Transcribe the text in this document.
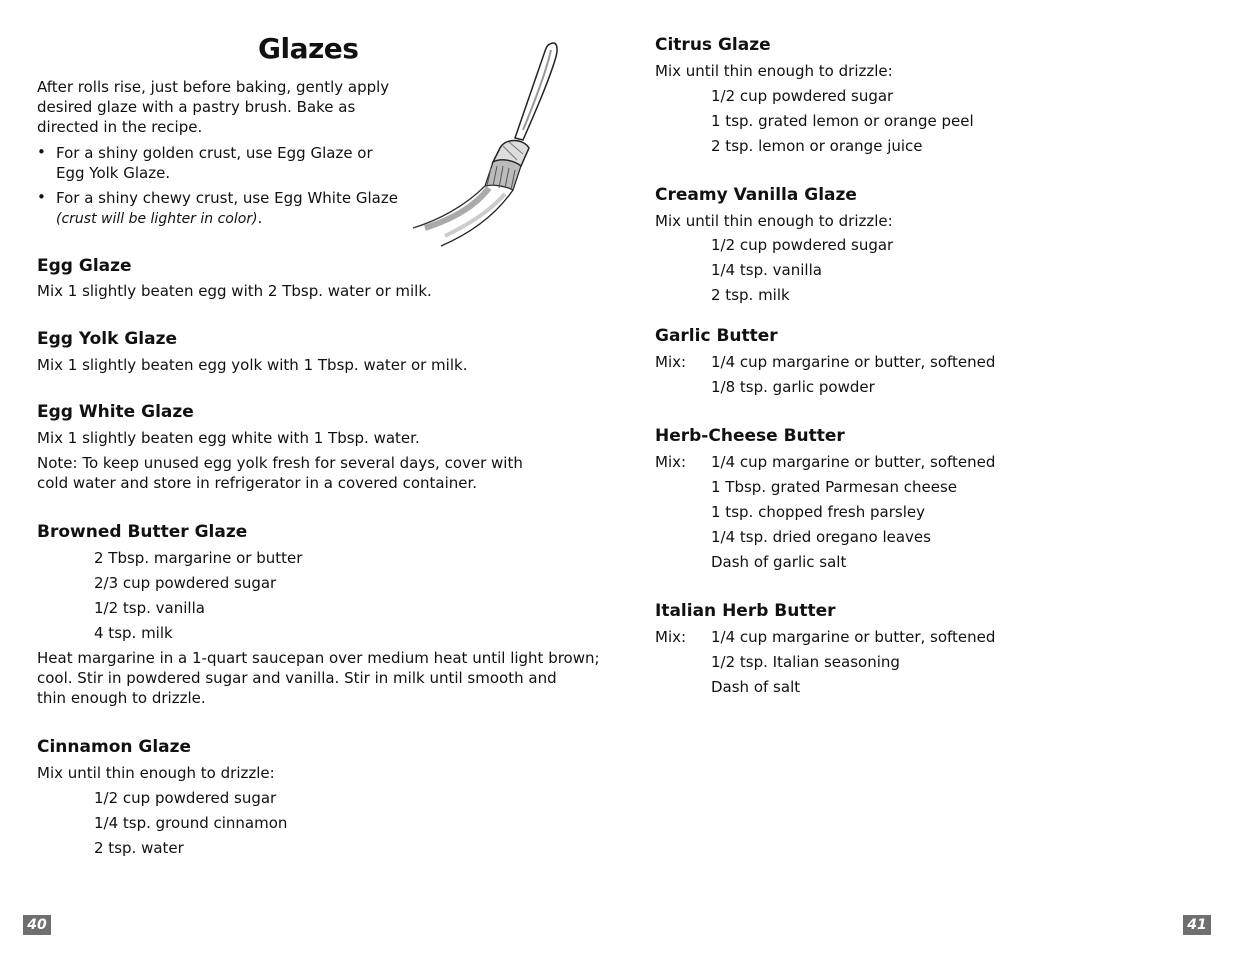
Glazes

After rolls rise, just before baking, gently apply

desired glaze with a pastry brush. Bake as

directed in the recipe.

• For a shiny golden crust, use Egg Glaze or

Egg Yolk Glaze.

• For a shiny chewy crust, use Egg White Glaze

(crust will be lighter in color).

Egg Glaze

Mix 1 slightly beaten egg with 2 Tbsp. water or milk.

Egg Yolk Glaze

Mix 1 slightly beaten egg yolk with 1 Tbsp. water or milk.

Egg White Glaze

Mix 1 slightly beaten egg white with 1 Tbsp. water.

Note: To keep unused egg yolk fresh for several days, cover with

cold water and store in refrigerator in a covered container.

Browned Butter Glaze

2 Tbsp. margarine or butter

2/3 cup powdered sugar

1/2 tsp. vanilla

4 tsp. milk

Heat margarine in a 1-quart saucepan over medium heat until light brown;

cool. Stir in powdered sugar and vanilla. Stir in milk until smooth and

thin enough to drizzle.

Cinnamon Glaze

Mix until thin enough to drizzle:

1/2 cup powdered sugar

1/4 tsp. ground cinnamon

2 tsp. water

Citrus Glaze

Mix until thin enough to drizzle:

1/2 cup powdered sugar

1 tsp. grated lemon or orange peel

2 tsp. lemon or orange juice

Creamy Vanilla Glaze

Mix until thin enough to drizzle:

1/2 cup powdered sugar

1/4 tsp. vanilla

2 tsp. milk

Garlic Butter

Mix: 1/4 cup margarine or butter, softened

1/8 tsp. garlic powder

Herb-Cheese Butter

Mix: 1/4 cup margarine or butter, softened

1 Tbsp. grated Parmesan cheese

1 tsp. chopped fresh parsley

1/4 tsp. dried oregano leaves

Dash of garlic salt

Italian Herb Butter

Mix: 1/4 cup margarine or butter, softened

1/2 tsp. Italian seasoning

Dash of salt

40	41
